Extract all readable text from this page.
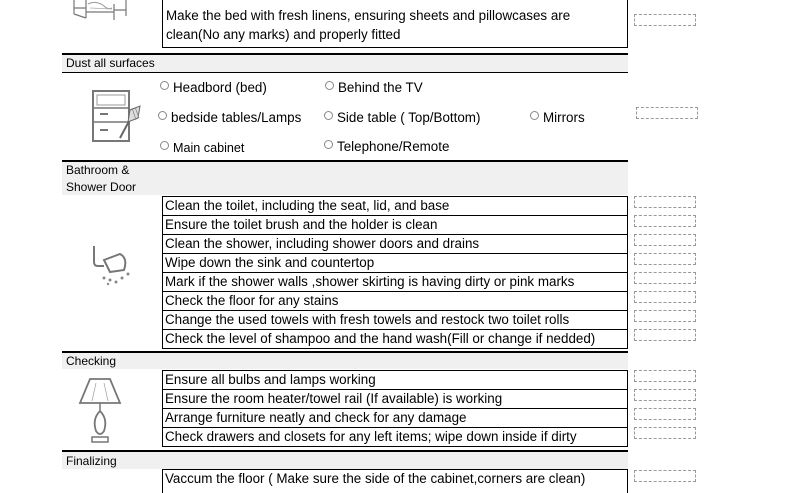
Make the bed with fresh linens, ensuring sheets and pillowcases are clean(No any marks) and properly fitted
Dust all surfaces
Headbord (bed)	Behind the TV
bedside tables/Lamps	Side table ( Top/Bottom)	Mirrors
Main cabinet	Telephone/Remote
Bathroom &
Shower Door
Clean the toilet, including the seat, lid, and base
Ensure the toilet brush and the holder is clean
Clean the shower, including shower doors and drains
Wipe down the sink and countertop
Mark if the shower walls ,shower skirting is having dirty or pink marks
Check the floor for any stains
Change the used towels with fresh towels and restock two toilet rolls
Check the level of shampoo and the hand wash(Fill or change if nedded)
Checking
Ensure all bulbs and lamps working
Ensure the room heater/towel rail (If available) is working
Arrange furniture neatly and check for any damage
Check drawers and closets for any left items; wipe down inside if dirty
Finalizing
Vaccum the floor ( Make sure the side of the cabinet,corners are clean)
